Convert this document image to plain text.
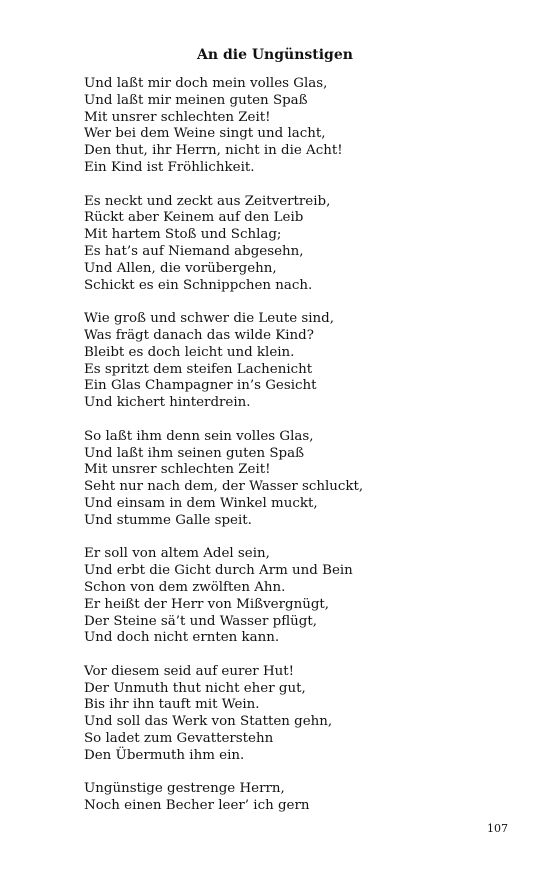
An die Ungünstigen
Und laßt mir doch mein volles Glas,
Und laßt mir meinen guten Spaß
Mit unsrer schlechten Zeit!
Wer bei dem Weine singt und lacht,
Den thut, ihr Herrn, nicht in die Acht!
Ein Kind ist Fröhlichkeit.
Es neckt und zeckt aus Zeitvertreib,
Rückt aber Keinem auf den Leib
Mit hartem Stoß und Schlag;
Es hat’s auf Niemand abgesehn,
Und Allen, die vorübergehn,
Schickt es ein Schnippchen nach.
Wie groß und schwer die Leute sind,
Was frägt danach das wilde Kind?
Bleibt es doch leicht und klein.
Es spritzt dem steifen Lachenicht
Ein Glas Champagner in’s Gesicht
Und kichert hinterdrein.
So laßt ihm denn sein volles Glas,
Und laßt ihm seinen guten Spaß
Mit unsrer schlechten Zeit!
Seht nur nach dem, der Wasser schluckt,
Und einsam in dem Winkel muckt,
Und stumme Galle speit.
Er soll von altem Adel sein,
Und erbt die Gicht durch Arm und Bein
Schon von dem zwölften Ahn.
Er heißt der Herr von Mißvergnügt,
Der Steine sä’t und Wasser pflügt,
Und doch nicht ernten kann.
Vor diesem seid auf eurer Hut!
Der Unmuth thut nicht eher gut,
Bis ihr ihn tauft mit Wein.
Und soll das Werk von Statten gehn,
So ladet zum Gevatterstehn
Den Übermuth ihm ein.
Ungünstige gestrenge Herrn,
Noch einen Becher leer’ ich gern
107
